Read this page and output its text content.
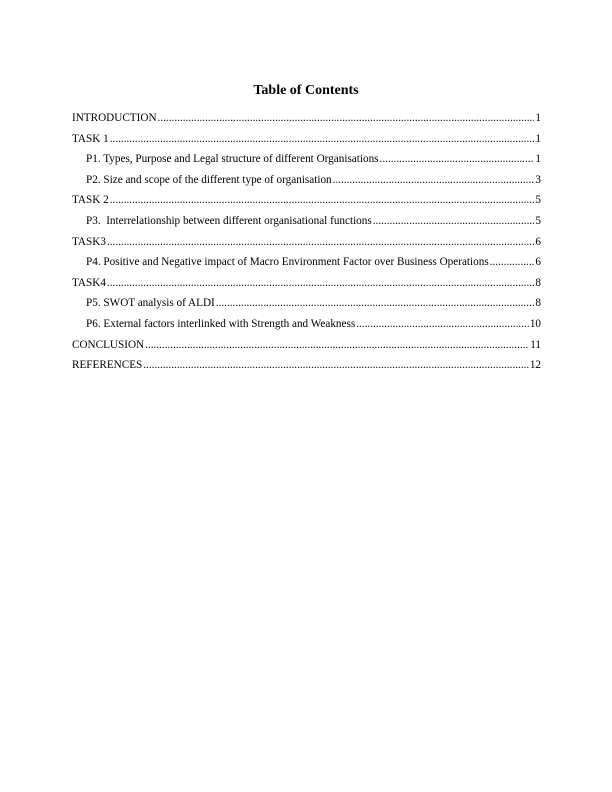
Table of Contents
INTRODUCTION .....	1
TASK 1 .....	1
P1. Types, Purpose and Legal structure of different Organisations .....	1
P2. Size and scope of the different type of organisation .....	3
TASK 2 .....	5
P3.  Interrelationship between different organisational functions .....	5
TASK3 .....	6
P4. Positive and Negative impact of Macro Environment Factor over Business Operations .....	6
TASK4 .....	8
P5. SWOT analysis of ALDI .....	8
P6. External factors interlinked with Strength and Weakness .....	10
CONCLUSION .....	11
REFERENCES .....	12
